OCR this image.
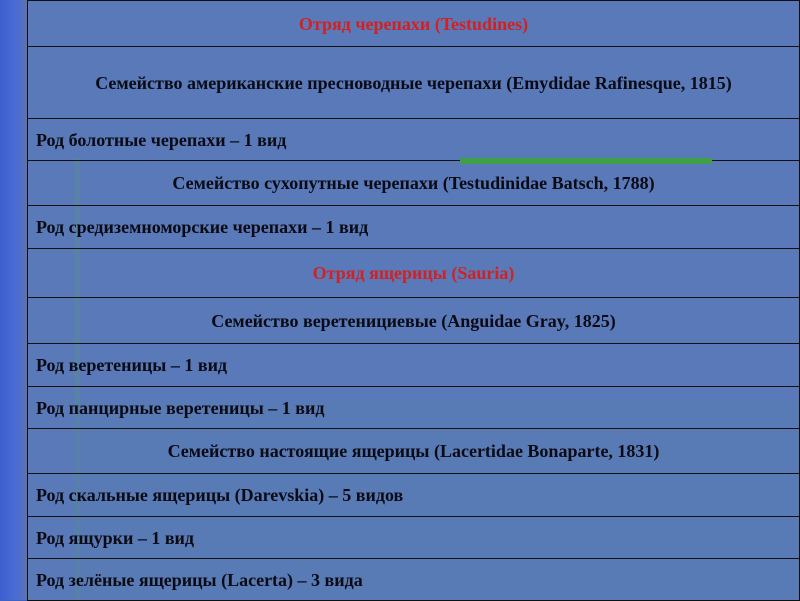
Отряд черепахи (Testudines)
Семейство американские пресноводные черепахи (Emydidae Rafinesque, 1815)
Род болотные черепахи – 1 вид
Семейство сухопутные черепахи (Testudinidae Batsch, 1788)
Род средиземноморские черепахи – 1 вид
Отряд ящерицы (Sauria)
Семейство веретенициевые (Anguidae Gray, 1825)
Род веретеницы – 1 вид
Род панцирные веретеницы – 1 вид
Семейство настоящие ящерицы (Lacertidae Bonaparte, 1831)
Род скальные ящерицы (Darevskia) – 5 видов
Род ящурки – 1 вид
Род зелёные ящерицы (Lacerta) – 3 вида
